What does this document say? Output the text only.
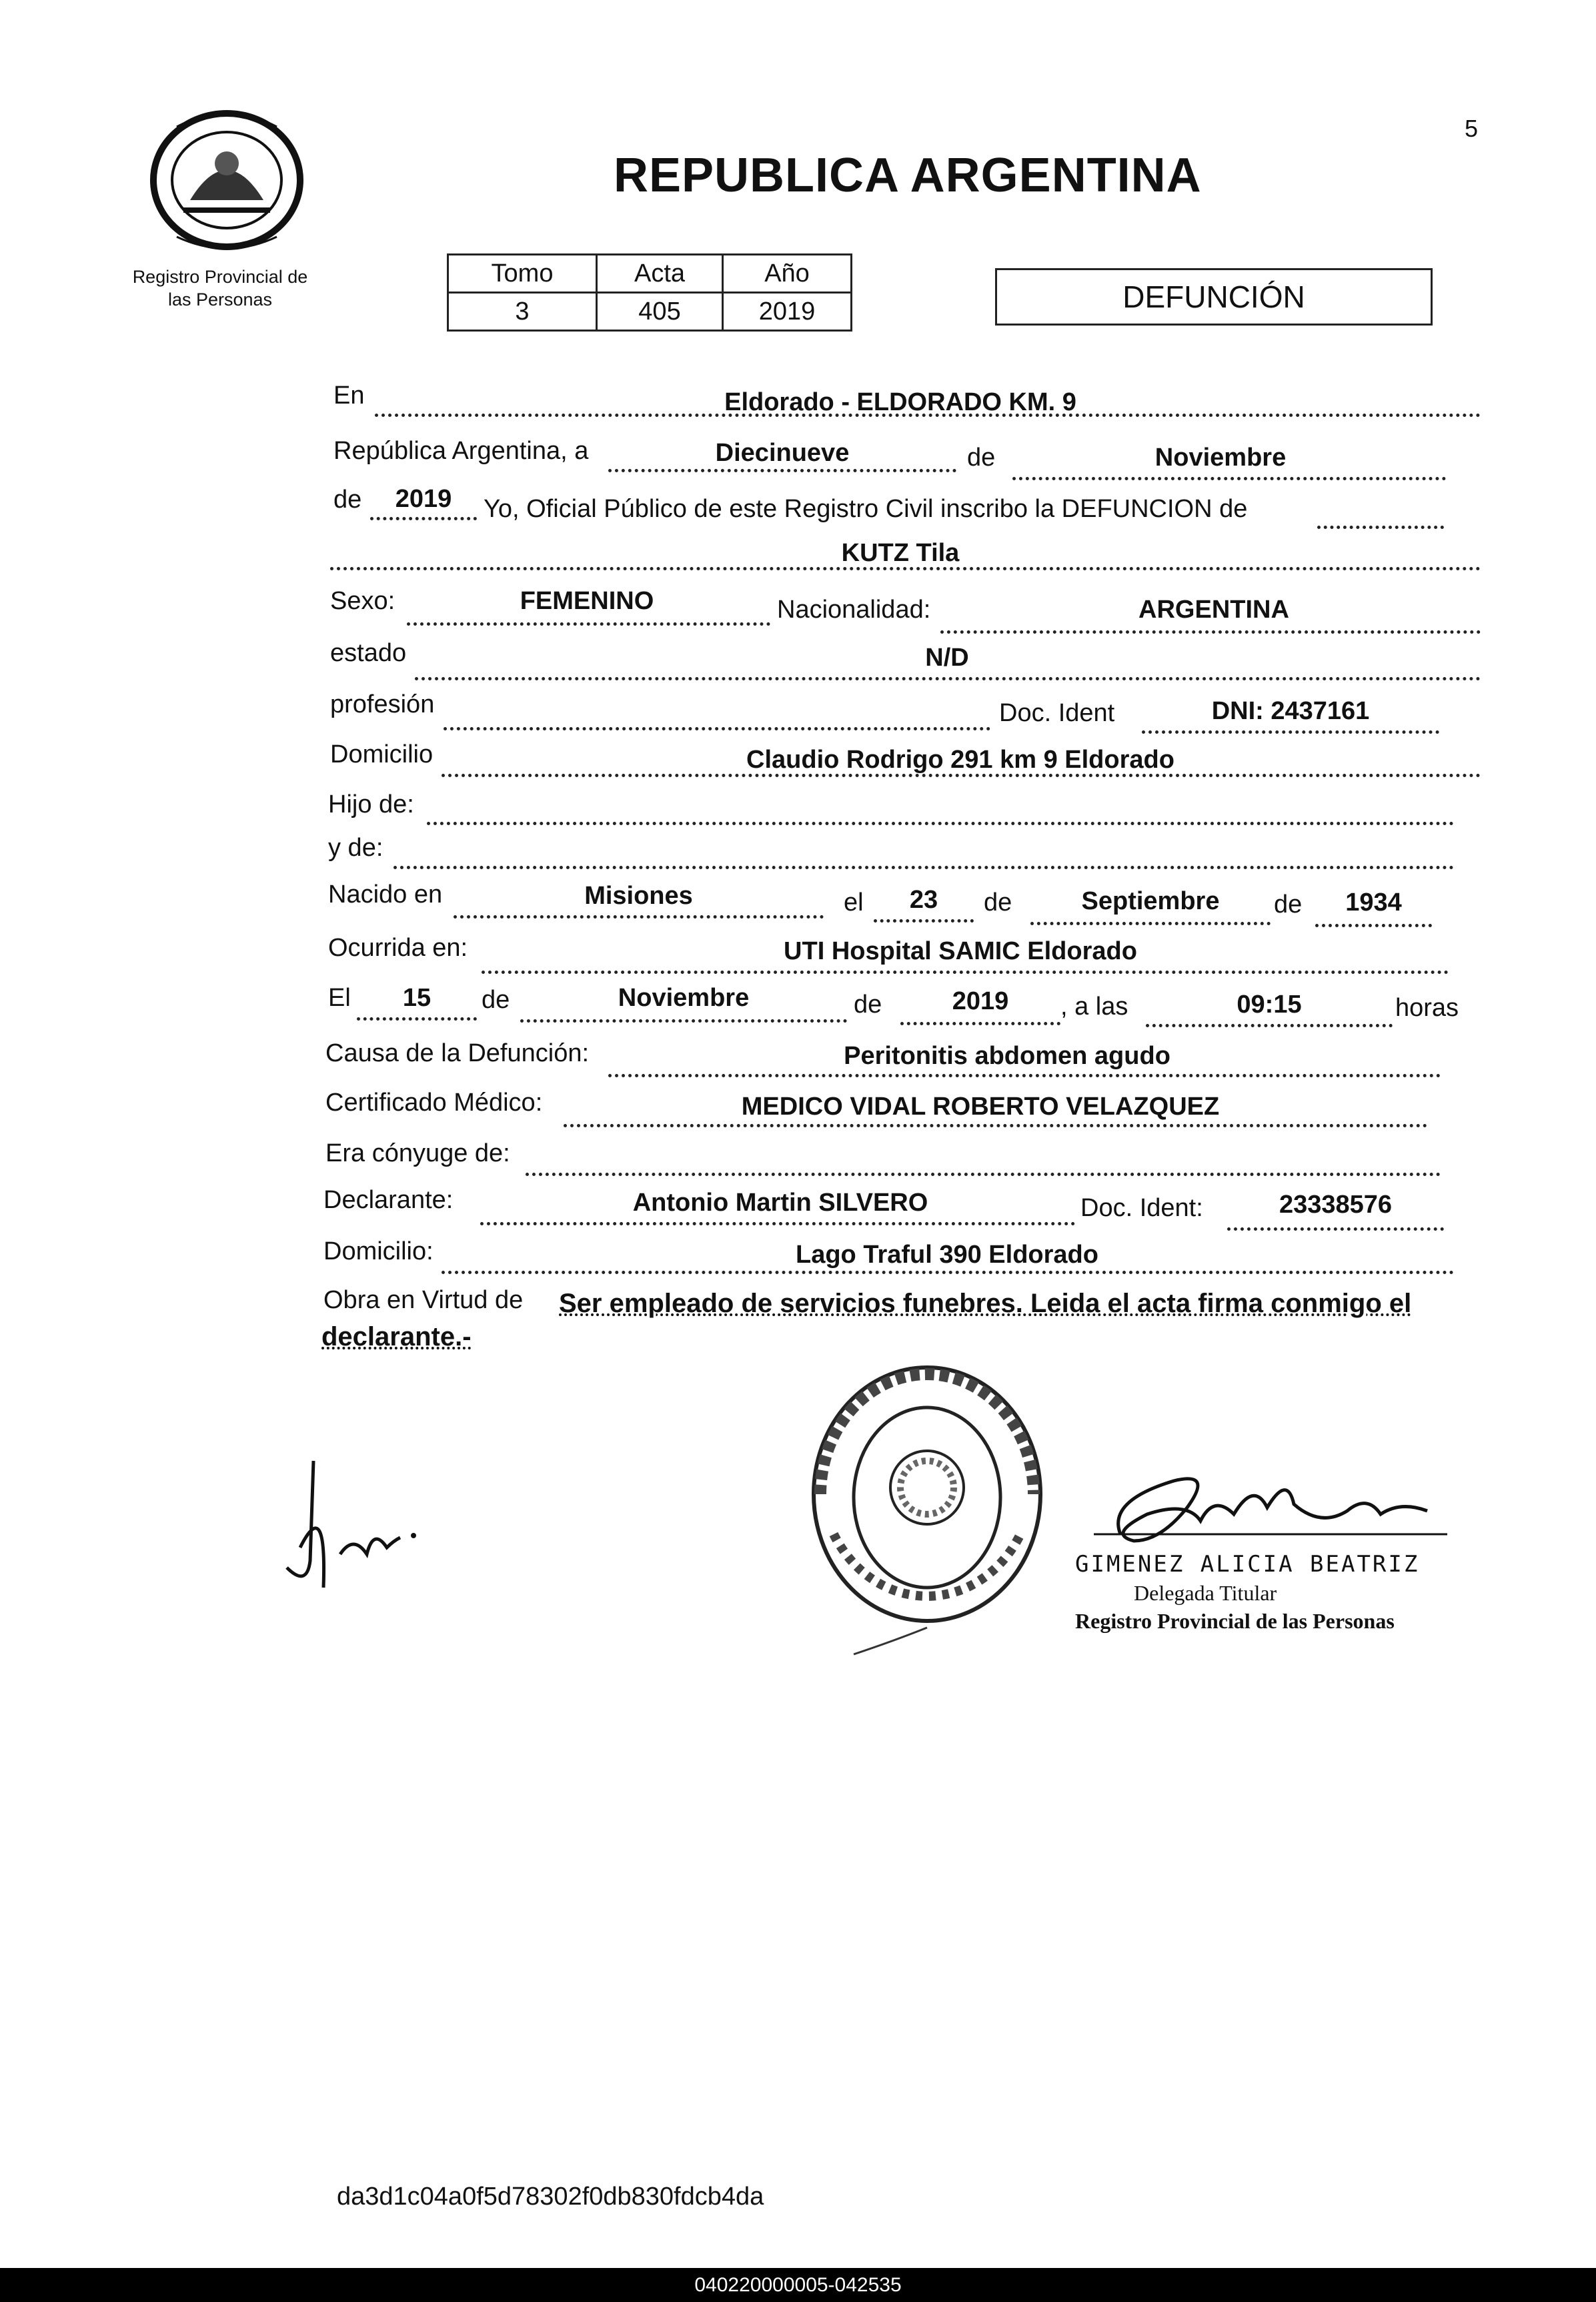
Registro Provincial de
las Personas
5
REPUBLICA ARGENTINA
Tomo	Acta	Año
3	405	2019	DEFUNCIÓN
En	Eldorado - ELDORADO KM. 9
República Argentina, a	Diecinueve	de	Noviembre
de	2019	Yo, Oficial Público de este Registro Civil inscribo la DEFUNCION de
KUTZ Tila
Sexo:	FEMENINO	Nacionalidad:	ARGENTINA
estado	N/D
profesión	Doc. Ident	DNI: 2437161
Domicilio	Claudio Rodrigo 291 km 9 Eldorado
Hijo de:
y de:
Nacido en	Misiones	el	23	de	Septiembre	de	1934
Ocurrida en:	UTI Hospital SAMIC Eldorado
El	15	de	Noviembre	de	2019	, a las	09:15	horas
Causa de la Defunción:	Peritonitis abdomen agudo
Certificado Médico:	MEDICO VIDAL ROBERTO VELAZQUEZ
Era cónyuge de:
Declarante:	Antonio Martin SILVERO	Doc. Ident:	23338576
Domicilio:	Lago Traful 390 Eldorado
Obra en Virtud de Ser empleado de servicios funebres. Leida el acta firma conmigo el
declarante.-
GIMENEZ ALICIA BEATRIZ
Delegada Titular
Registro Provincial de las Personas
da3d1c04a0f5d78302f0db830fdcb4da
040220000005-042535
